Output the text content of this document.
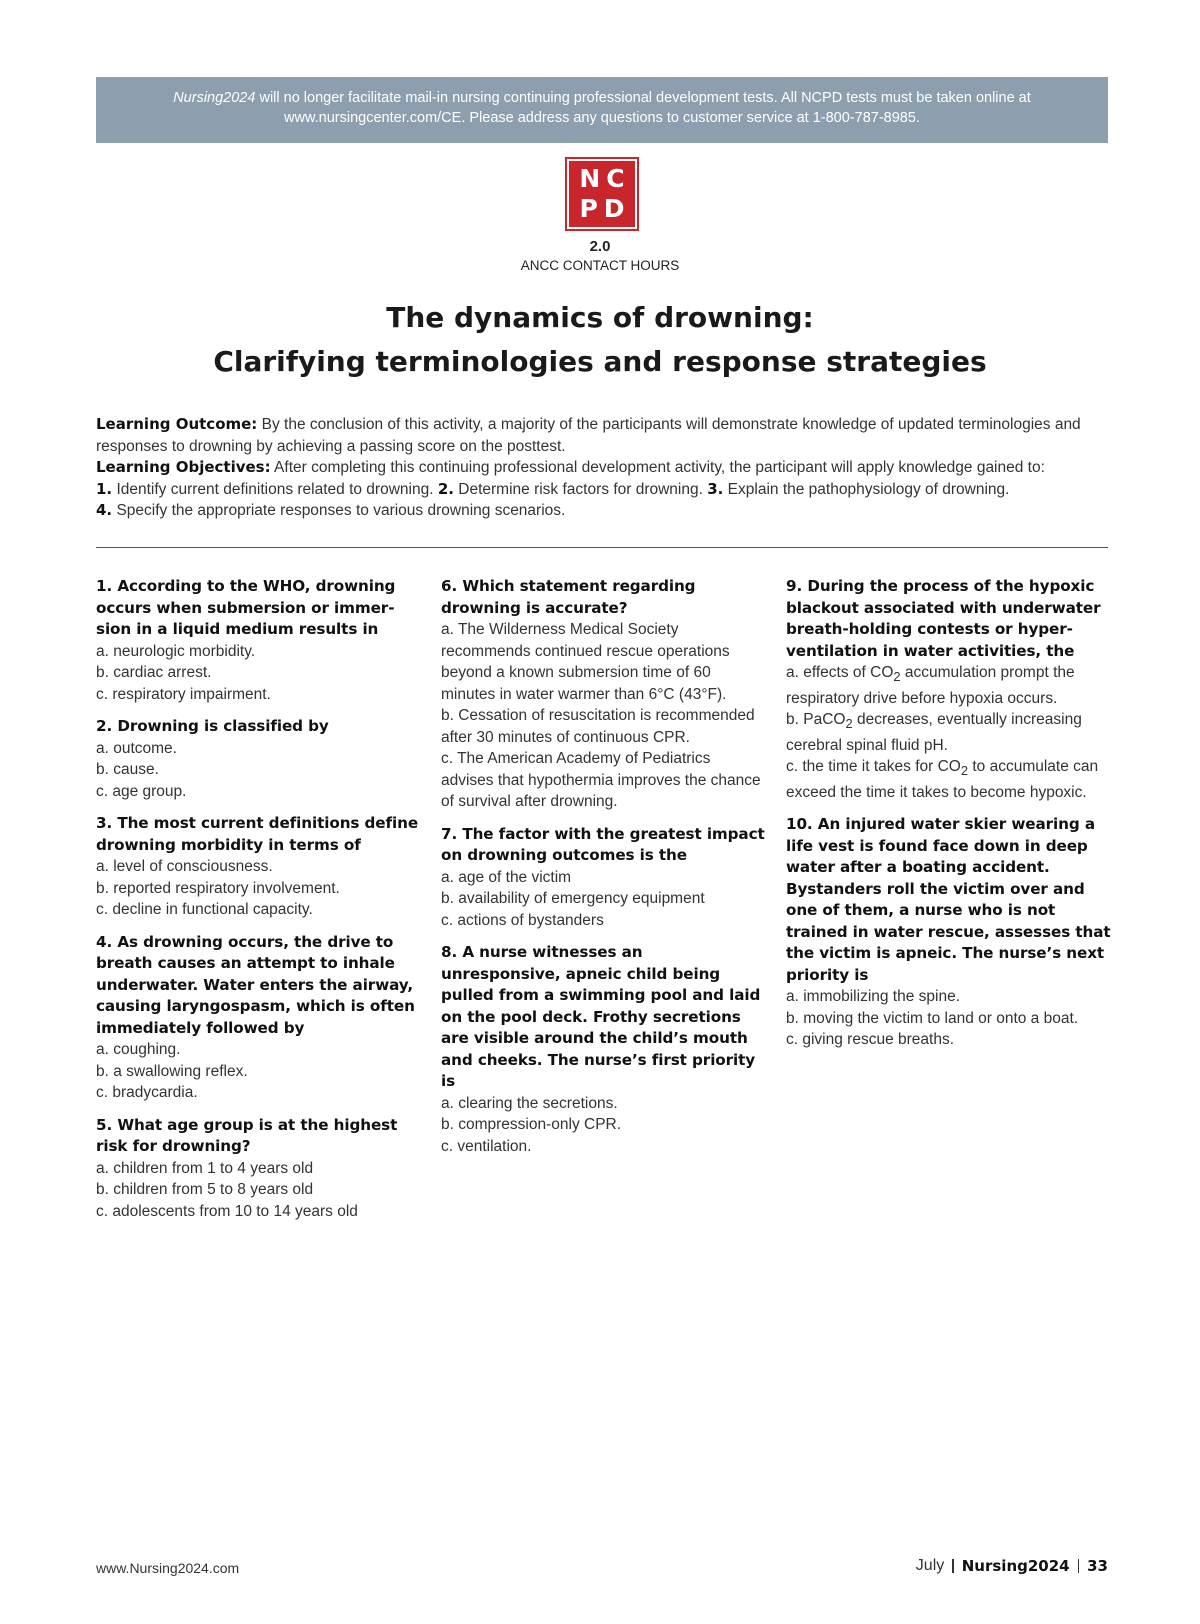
Nursing2024 will no longer facilitate mail-in nursing continuing professional development tests. All NCPD tests must be taken online at
www.nursingcenter.com/CE. Please address any questions to customer service at 1-800-787-8985.
NC
PD
2.0
ANCC CONTACT HOURS
The dynamics of drowning:
Clarifying terminologies and response strategies
Learning Outcome: By the conclusion of this activity, a majority of the participants will demonstrate knowledge of updated terminologies and responses to drowning by achieving a passing score on the posttest.
Learning Objectives: After completing this continuing professional development activity, the participant will apply knowledge gained to:
1. Identify current definitions related to drowning. 2. Determine risk factors for drowning. 3. Explain the pathophysiology of drowning.
4. Specify the appropriate responses to various drowning scenarios.
1. According to the WHO, drowning occurs when submersion or immer-sion in a liquid medium results in
a. neurologic morbidity.
b. cardiac arrest.
c. respiratory impairment.
2. Drowning is classified by
a. outcome.
b. cause.
c. age group.
3. The most current definitions define drowning morbidity in terms of
a. level of consciousness.
b. reported respiratory involvement.
c. decline in functional capacity.
4. As drowning occurs, the drive to breath causes an attempt to inhale underwater. Water enters the airway, causing laryngospasm, which is often immediately followed by
a. coughing.
b. a swallowing reflex.
c. bradycardia.
5. What age group is at the highest risk for drowning?
a. children from 1 to 4 years old
b. children from 5 to 8 years old
c. adolescents from 10 to 14 years old
6. Which statement regarding drowning is accurate?
a. The Wilderness Medical Society recommends continued rescue operations beyond a known submersion time of 60 minutes in water warmer than 6°C (43°F).
b. Cessation of resuscitation is recommended after 30 minutes of continuous CPR.
c. The American Academy of Pediatrics advises that hypothermia improves the chance of survival after drowning.
7. The factor with the greatest impact on drowning outcomes is the
a. age of the victim
b. availability of emergency equipment
c. actions of bystanders
8. A nurse witnesses an unresponsive, apneic child being pulled from a swimming pool and laid on the pool deck. Frothy secretions are visible around the child’s mouth and cheeks. The nurse’s first priority is
a. clearing the secretions.
b. compression-only CPR.
c. ventilation.
9. During the process of the hypoxic blackout associated with underwater breath-holding contests or hyper-ventilation in water activities, the
a. effects of $CO_2$ accumulation prompt the respiratory drive before hypoxia occurs.
b. PaCO$_2$ decreases, eventually increasing cerebral spinal fluid pH.
c. the time it takes for $CO_2$ to accumulate can exceed the time it takes to become hypoxic.
10. An injured water skier wearing a life vest is found face down in deep water after a boating accident. Bystanders roll the victim over and one of them, a nurse who is not trained in water rescue, assesses that the victim is apneic. The nurse’s next priority is
a. immobilizing the spine.
b. moving the victim to land or onto a boat.
c. giving rescue breaths.
www.Nursing2024.com	July Nursing2024 33
